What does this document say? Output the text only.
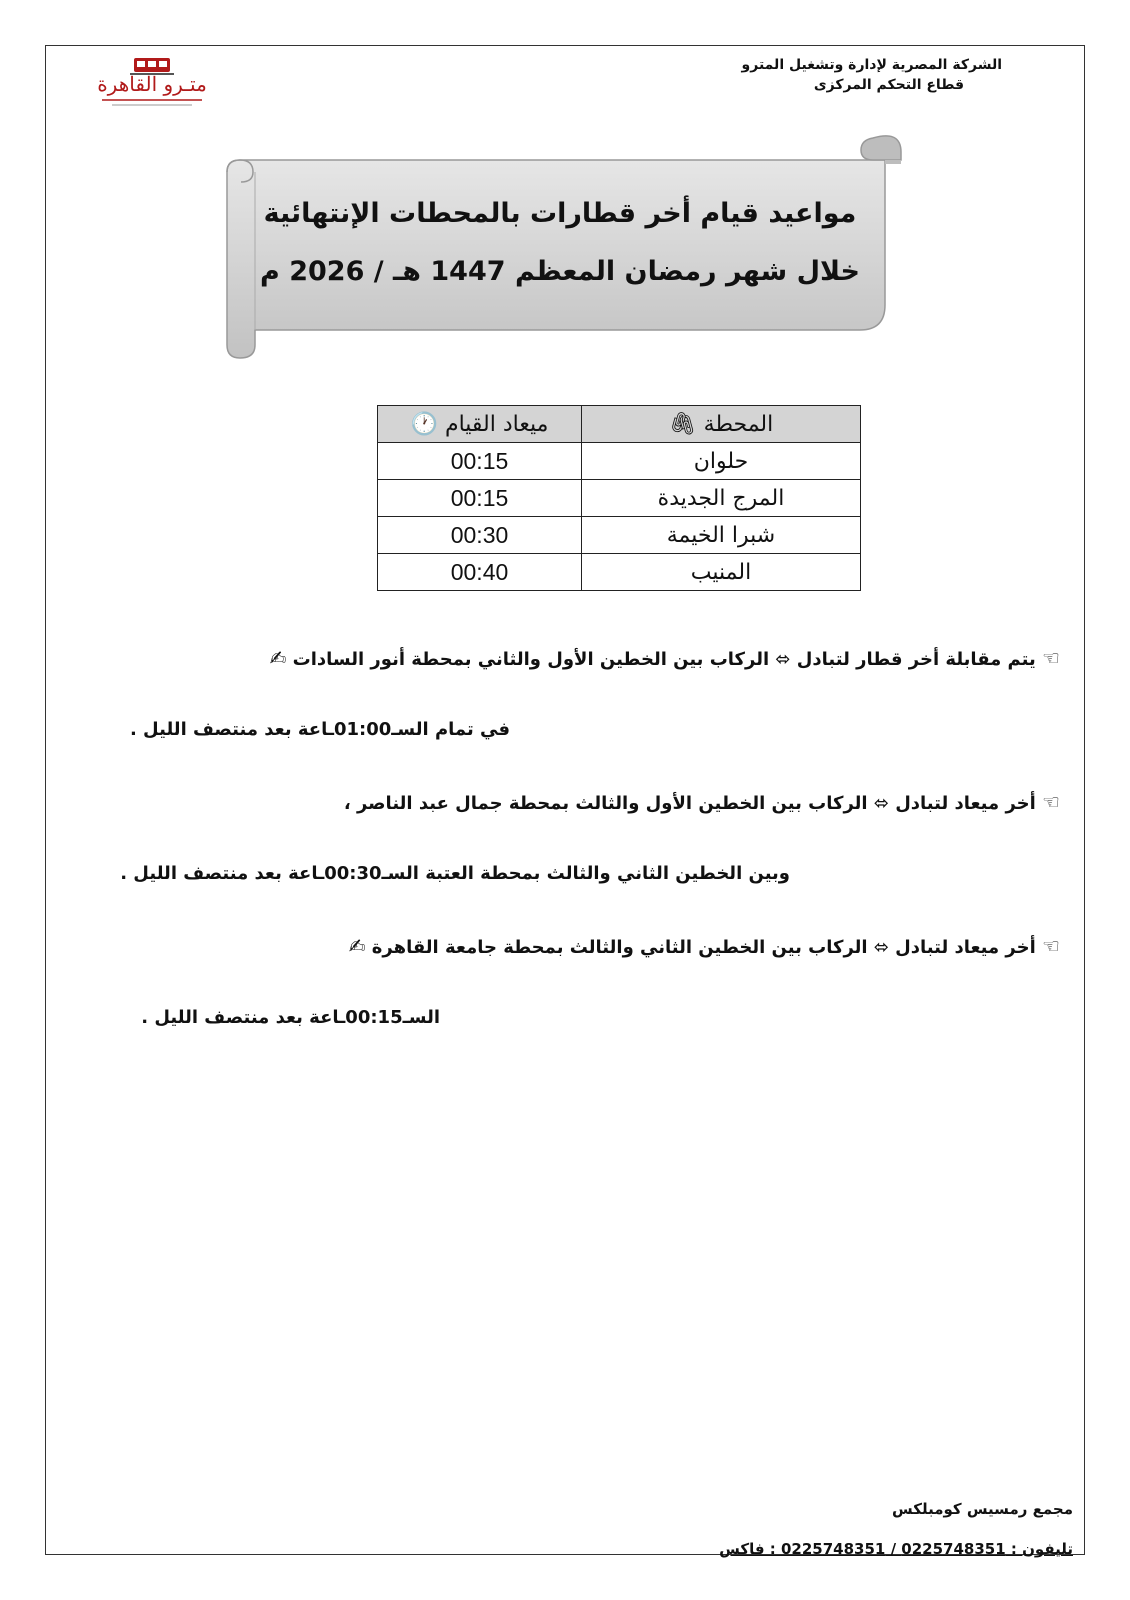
الشركة المصرية لإدارة وتشغيل المترو
قطاع التحكم المركزى
متـرو القاهرة
مواعيد قيام أخر قطارات بالمحطات الإنتهائية
خلال شهر رمضان المعظم 1447 هـ / 2026 م
المحطة 🖇	ميعاد القيام 🕐
حلوان	00:15
المرج الجديدة	00:15
شبرا الخيمة	00:30
المنيب	00:40
☜ يتم مقابلة أخر قطار لتبادل ⬄ الركاب بين الخطين الأول والثاني بمحطة أنور السادات ✍
في تمام السـ01:00ـاعة بعد منتصف الليل .
☜ أخر ميعاد لتبادل ⬄ الركاب بين الخطين الأول والثالث بمحطة جمال عبد الناصر ،
وبين الخطين الثاني والثالث بمحطة العتبة السـ00:30ـاعة بعد منتصف الليل .
☜ أخر ميعاد لتبادل ⬄ الركاب بين الخطين الثاني والثالث بمحطة جامعة القاهرة ✍
السـ00:15ـاعة بعد منتصف الليل .
مجمع رمسيس كومبلكس
تليفون : 0225748351 / 0225748351 : فاكس
